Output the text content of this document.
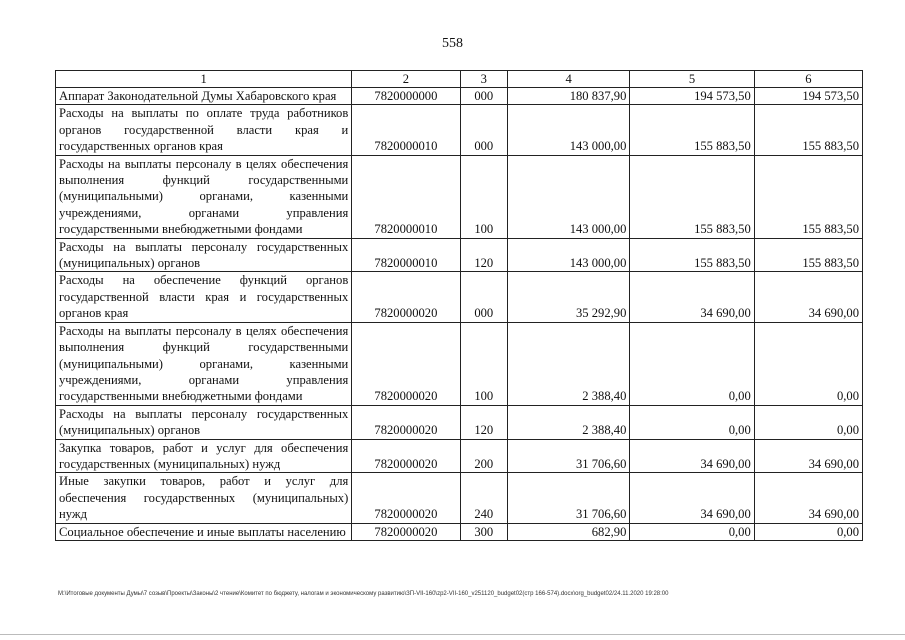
558
1	2	3	4	5	6
Аппарат Законодательной Думы Хабаровского края	7820000000	000	180 837,90	194 573,50	194 573,50
Расходы на выплаты по оплате труда работников органов государственной власти края и государственных органов края	7820000010	000	143 000,00	155 883,50	155 883,50
Расходы на выплаты персоналу в целях обеспечения выполнения функций государственными (муниципальными) органами, казенными учреждениями, органами управления государственными внебюджетными фондами	7820000010	100	143 000,00	155 883,50	155 883,50
Расходы на выплаты персоналу государственных (муниципальных) органов	7820000010	120	143 000,00	155 883,50	155 883,50
Расходы на обеспечение функций органов государственной власти края и государственных органов края	7820000020	000	35 292,90	34 690,00	34 690,00
Расходы на выплаты персоналу в целях обеспечения выполнения функций государственными (муниципальными) органами, казенными учреждениями, органами управления государственными внебюджетными фондами	7820000020	100	2 388,40	0,00	0,00
Расходы на выплаты персоналу государственных (муниципальных) органов	7820000020	120	2 388,40	0,00	0,00
Закупка товаров, работ и услуг для обеспечения государственных (муниципальных) нужд	7820000020	200	31 706,60	34 690,00	34 690,00
Иные закупки товаров, работ и услуг для обеспечения государственных (муниципальных) нужд	7820000020	240	31 706,60	34 690,00	34 690,00
Социальное обеспечение и иные выплаты населению	7820000020	300	682,90	0,00	0,00
M:\Итоговые документы Думы\7 созыв\Проекты\Законы\2 чтение\Комитет по бюджету, налогам и экономическому развитию\ЗП-VII-160\zp2-VII-160_v251120_budget02(стр 166-574).docx\org_budget02/24.11.2020 19:28:00
